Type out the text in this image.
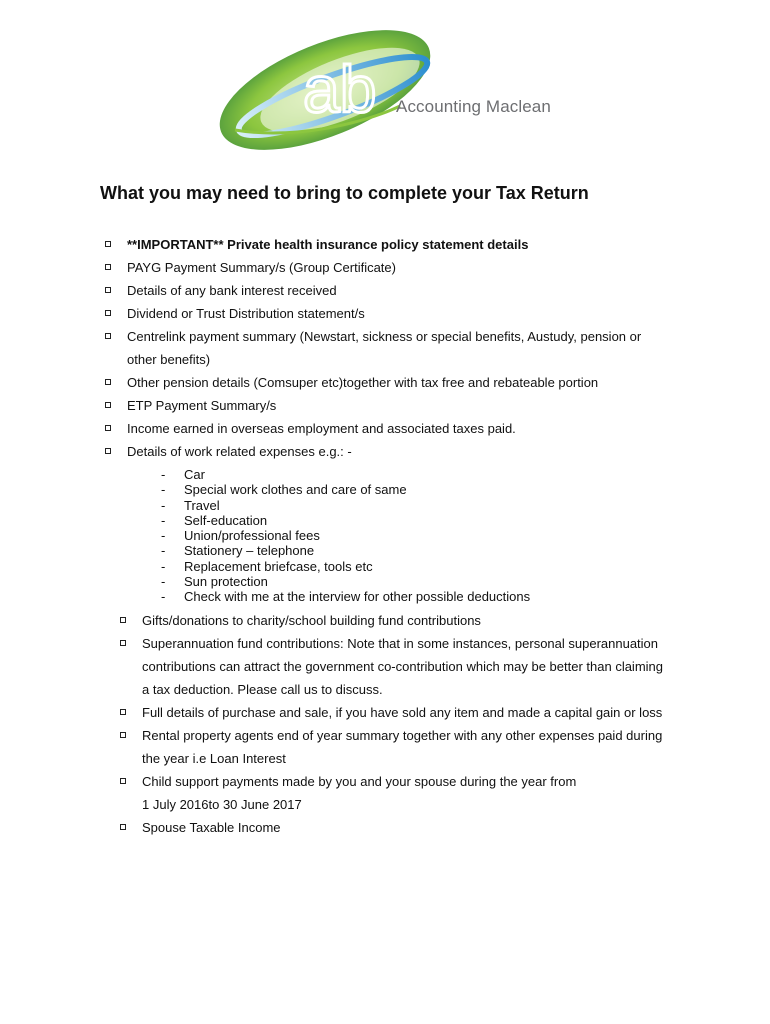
ab Accounting Maclean
What you may need to bring to complete your Tax Return
**IMPORTANT** Private health insurance policy statement details
PAYG Payment Summary/s (Group Certificate)
Details of any bank interest received
Dividend or Trust Distribution statement/s
Centrelink payment summary (Newstart, sickness or special benefits, Austudy, pension or
other benefits)
Other pension details (Comsuper etc)together with tax free and rebateable portion
ETP Payment Summary/s
Income earned in overseas employment and associated taxes paid.
Details of work related expenses e.g.: -
- Car
- Special work clothes and care of same
- Travel
- Self-education
- Union/professional fees
- Stationery – telephone
- Replacement briefcase, tools etc
- Sun protection
- Check with me at the interview for other possible deductions
Gifts/donations to charity/school building fund contributions
Superannuation fund contributions: Note that in some instances, personal superannuation
contributions can attract the government co-contribution which may be better than claiming
a tax deduction. Please call us to discuss.
Full details of purchase and sale, if you have sold any item and made a capital gain or loss
Rental property agents end of year summary together with any other expenses paid during
the year i.e Loan Interest
Child support payments made by you and your spouse during the year from
1 July 2016to 30 June 2017
Spouse Taxable Income
